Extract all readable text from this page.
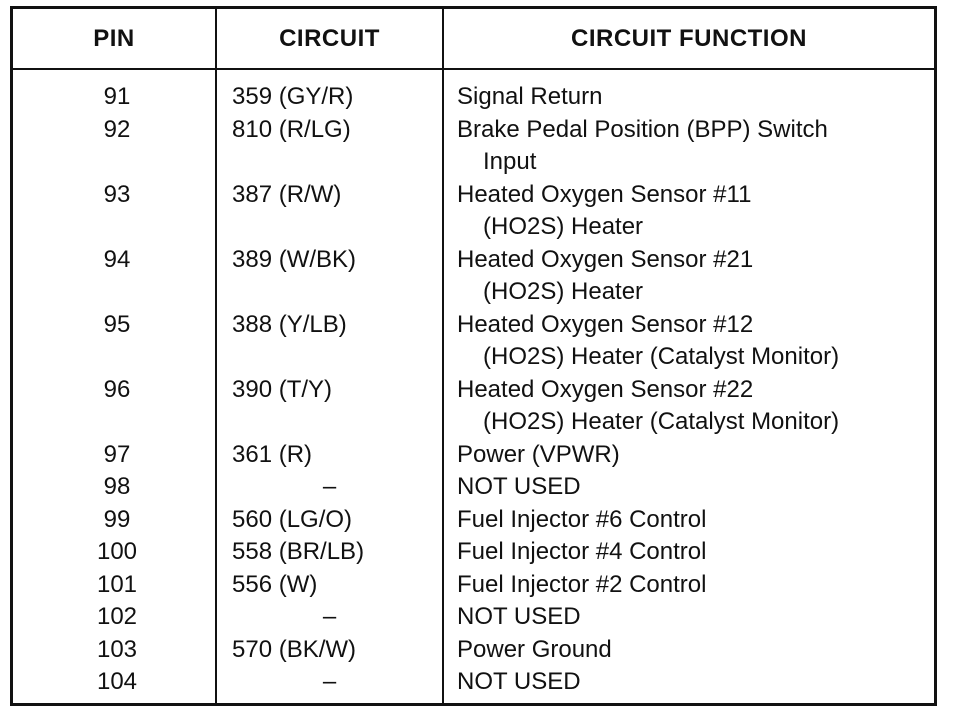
PIN	CIRCUIT	CIRCUIT FUNCTION
91	359 (GY/R)	Signal Return
92	810 (R/LG)	Brake Pedal Position (BPP) Switch
Input
93	387 (R/W)	Heated Oxygen Sensor #11
(HO2S) Heater
94	389 (W/BK)	Heated Oxygen Sensor #21
(HO2S) Heater
95	388 (Y/LB)	Heated Oxygen Sensor #12
(HO2S) Heater (Catalyst Monitor)
96	390 (T/Y)	Heated Oxygen Sensor #22
(HO2S) Heater (Catalyst Monitor)
97	361 (R)	Power (VPWR)
98	–	NOT USED
99	560 (LG/O)	Fuel Injector #6 Control
100	558 (BR/LB)	Fuel Injector #4 Control
101	556 (W)	Fuel Injector #2 Control
102	–	NOT USED
103	570 (BK/W)	Power Ground
104	–	NOT USED
